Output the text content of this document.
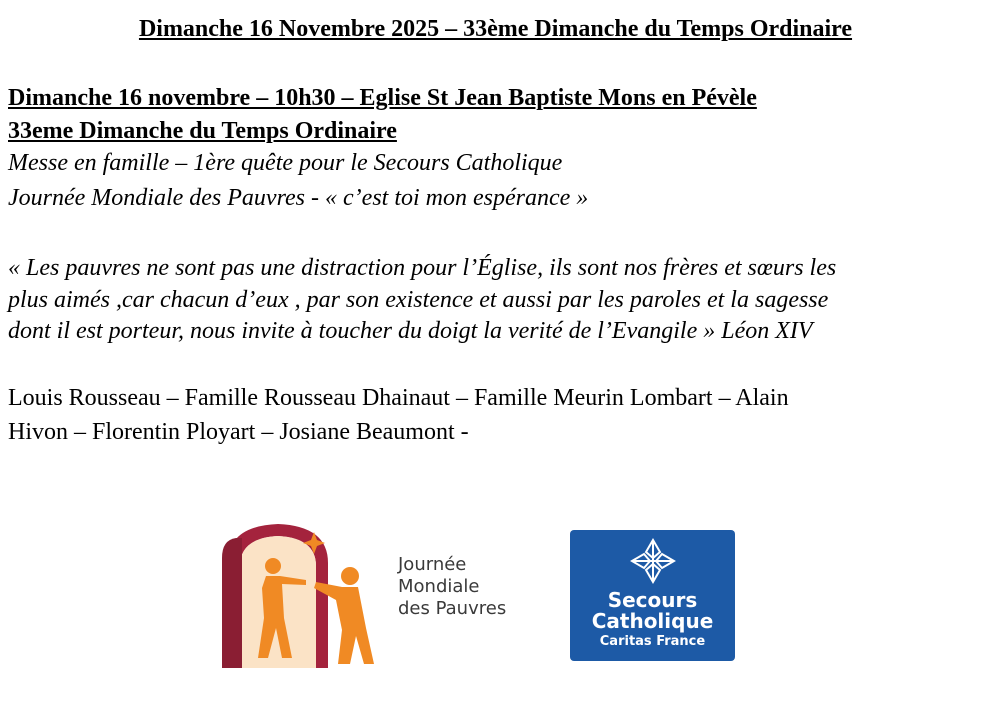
Dimanche 16 Novembre 2025 – 33ème Dimanche du Temps Ordinaire
Dimanche 16 novembre – 10h30 – Eglise St Jean Baptiste Mons en Pévèle
33eme Dimanche du Temps Ordinaire
Messe en famille – 1ère quête pour le Secours Catholique
Journée Mondiale des Pauvres - « c’est toi mon espérance »
« Les pauvres ne sont pas une distraction pour l’Église, ils sont nos frères et sœurs les
plus aimés ,car chacun d’eux , par son existence et aussi par les paroles et la sagesse
dont il est porteur, nous invite à toucher du doigt la verité de l’Evangile » Léon XIV
Louis Rousseau – Famille Rousseau Dhainaut – Famille Meurin Lombart – Alain
Hivon – Florentin Ployart – Josiane Beaumont -
Journée
Mondiale
des Pauvres	Secours
Catholique
Caritas France
